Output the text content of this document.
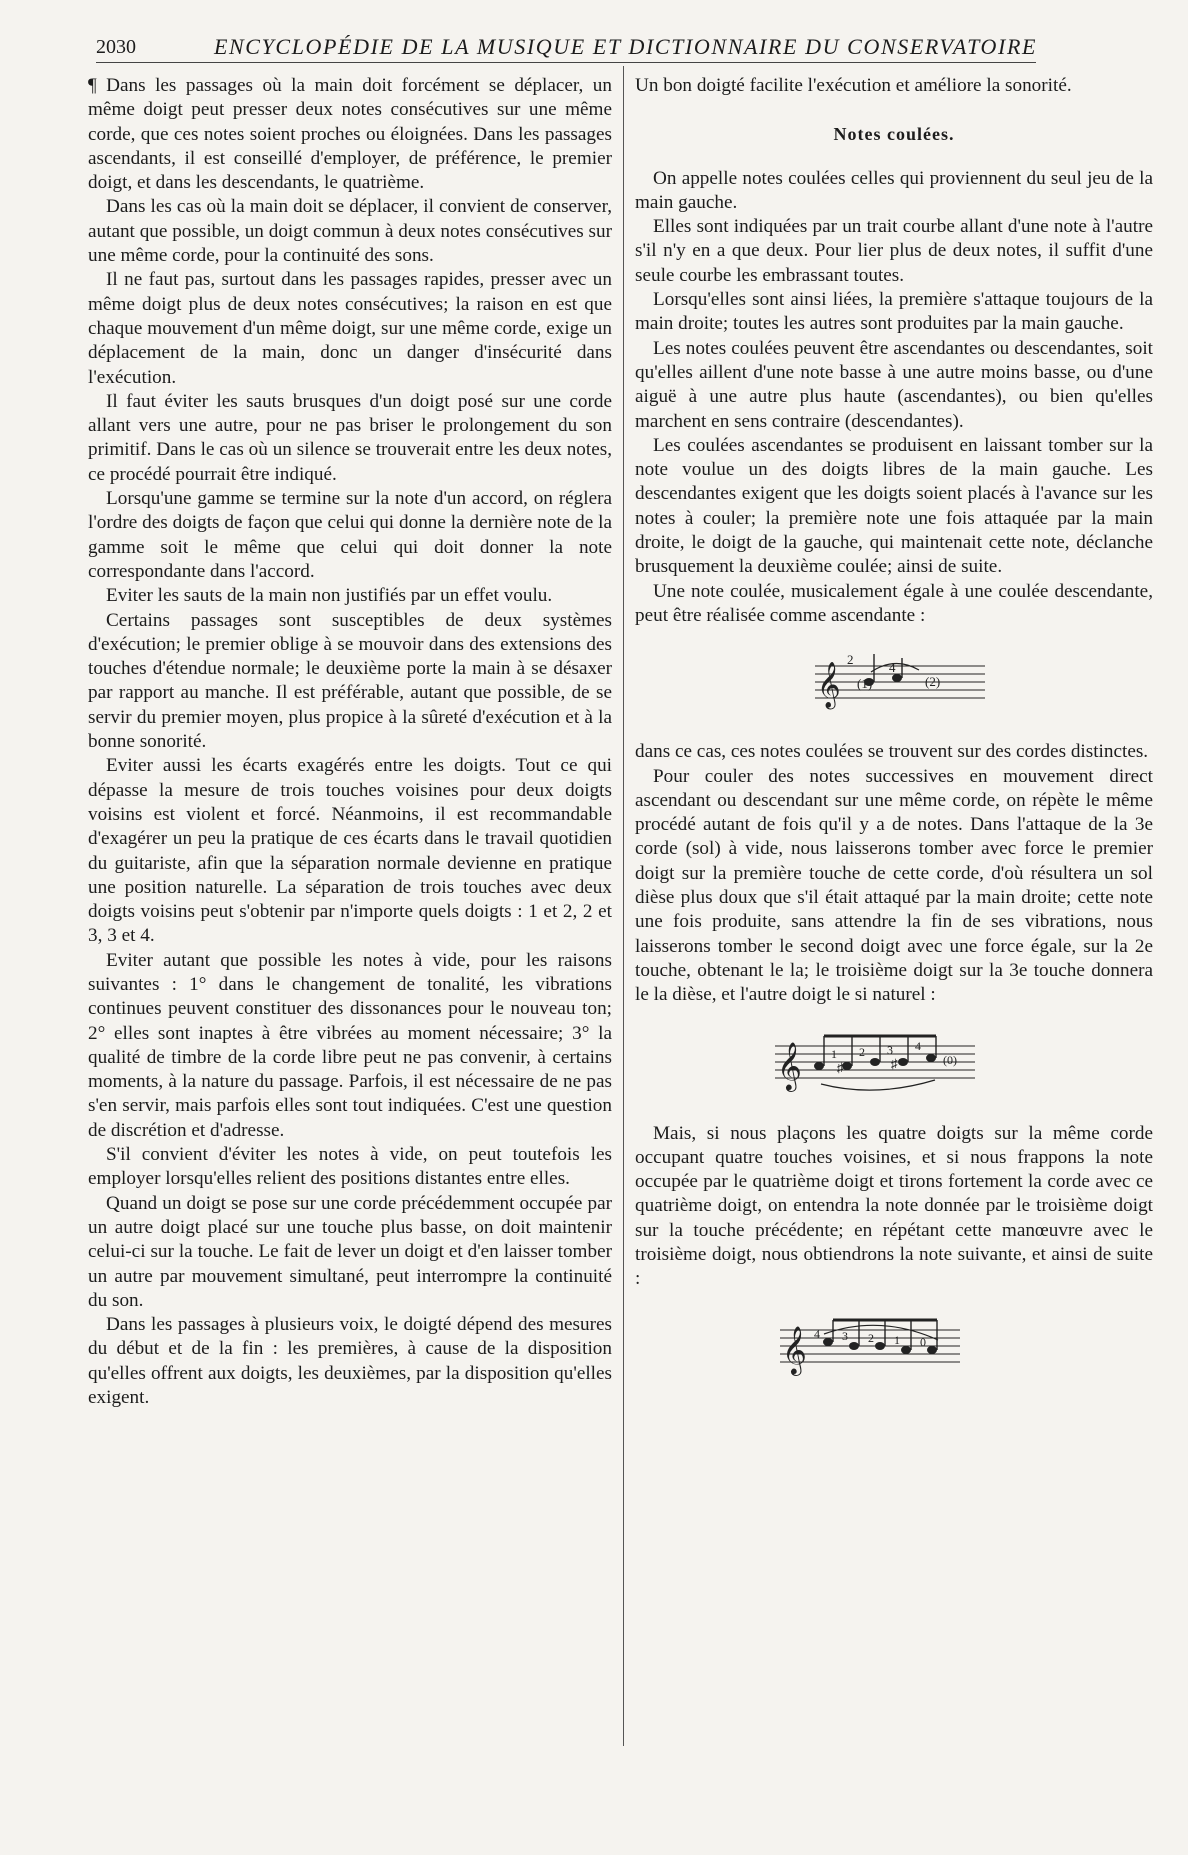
2030	ENCYCLOPÉDIE DE LA MUSIQUE ET DICTIONNAIRE DU CONSERVATOIRE

¶ Dans les passages où la main doit forcément se déplacer, un même doigt peut presser deux notes consécutives sur une même corde, que ces notes soient proches ou éloignées. Dans les passages ascendants, il est conseillé d'employer, de préférence, le premier doigt, et dans les descendants, le quatrième.

Dans les cas où la main doit se déplacer, il convient de conserver, autant que possible, un doigt commun à deux notes consécutives sur une même corde, pour la continuité des sons.

Il ne faut pas, surtout dans les passages rapides, presser avec un même doigt plus de deux notes consécutives; la raison en est que chaque mouvement d'un même doigt, sur une même corde, exige un déplacement de la main, donc un danger d'insécurité dans l'exécution.

Il faut éviter les sauts brusques d'un doigt posé sur une corde allant vers une autre, pour ne pas briser le prolongement du son primitif. Dans le cas où un silence se trouverait entre les deux notes, ce procédé pourrait être indiqué.

Lorsqu'une gamme se termine sur la note d'un accord, on réglera l'ordre des doigts de façon que celui qui donne la dernière note de la gamme soit le même que celui qui doit donner la note correspondante dans l'accord.

Eviter les sauts de la main non justifiés par un effet voulu.

Certains passages sont susceptibles de deux systèmes d'exécution; le premier oblige à se mouvoir dans des extensions des touches d'étendue normale; le deuxième porte la main à se désaxer par rapport au manche. Il est préférable, autant que possible, de se servir du premier moyen, plus propice à la sûreté d'exécution et à la bonne sonorité.

Eviter aussi les écarts exagérés entre les doigts. Tout ce qui dépasse la mesure de trois touches voisines pour deux doigts voisins est violent et forcé. Néanmoins, il est recommandable d'exagérer un peu la pratique de ces écarts dans le travail quotidien du guitariste, afin que la séparation normale devienne en pratique une position naturelle. La séparation de trois touches avec deux doigts voisins peut s'obtenir par n'importe quels doigts : 1 et 2, 2 et 3, 3 et 4.

Eviter autant que possible les notes à vide, pour les raisons suivantes : 1° dans le changement de tonalité, les vibrations continues peuvent constituer des dissonances pour le nouveau ton; 2° elles sont inaptes à être vibrées au moment nécessaire; 3° la qualité de timbre de la corde libre peut ne pas convenir, à certains moments, à la nature du passage. Parfois, il est nécessaire de ne pas s'en servir, mais parfois elles sont tout indiquées. C'est une question de discrétion et d'adresse.

S'il convient d'éviter les notes à vide, on peut toutefois les employer lorsqu'elles relient des positions distantes entre elles.

Quand un doigt se pose sur une corde précédemment occupée par un autre doigt placé sur une touche plus basse, on doit maintenir celui-ci sur la touche. Le fait de lever un doigt et d'en laisser tomber un autre par mouvement simultané, peut interrompre la continuité du son.

Dans les passages à plusieurs voix, le doigté dépend des mesures du début et de la fin : les premières, à cause de la disposition qu'elles offrent aux doigts, les deuxièmes, par la disposition qu'elles exigent.

Un bon doigté facilite l'exécution et améliore la sonorité.

Notes coulées.

On appelle notes coulées celles qui proviennent du seul jeu de la main gauche.

Elles sont indiquées par un trait courbe allant d'une note à l'autre s'il n'y en a que deux. Pour lier plus de deux notes, il suffit d'une seule courbe les embrassant toutes.

Lorsqu'elles sont ainsi liées, la première s'attaque toujours de la main droite; toutes les autres sont produites par la main gauche.

Les notes coulées peuvent être ascendantes ou descendantes, soit qu'elles aillent d'une note basse à une autre moins basse, ou d'une aiguë à une autre plus haute (ascendantes), ou bien qu'elles marchent en sens contraire (descendantes).

Les coulées ascendantes se produisent en laissant tomber sur la note voulue un des doigts libres de la main gauche. Les descendantes exigent que les doigts soient placés à l'avance sur les notes à couler; la première note une fois attaquée par la main droite, le doigt de la gauche, qui maintenait cette note, déclanche brusquement la deuxième coulée; ainsi de suite.

Une note coulée, musicalement égale à une coulée descendante, peut être réalisée comme ascendante :

𝄞
2
(1)
4
(2)

dans ce cas, ces notes coulées se trouvent sur des cordes distinctes.

Pour couler des notes successives en mouvement direct ascendant ou descendant sur une même corde, on répète le même procédé autant de fois qu'il y a de notes. Dans l'attaque de la 3e corde (sol) à vide, nous laisserons tomber avec force le premier doigt sur la première touche de cette corde, d'où résultera un sol dièse plus doux que s'il était attaqué par la main droite; cette note une fois produite, sans attendre la fin de ses vibrations, nous laisserons tomber le second doigt avec une force égale, sur la 2e touche, obtenant le la; le troisième doigt sur la 3e touche donnera le la dièse, et l'autre doigt le si naturel :

𝄞	♯	♯
1 2 3 4
(0)

Mais, si nous plaçons les quatre doigts sur la même corde occupant quatre touches voisines, et si nous frappons la note occupée par le quatrième doigt et tirons fortement la corde avec ce quatrième doigt, on entendra la note donnée par le troisième doigt sur la touche précédente; en répétant cette manœuvre avec le troisième doigt, nous obtiendrons la note suivante, et ainsi de suite :

𝄞 4 3 2 1 0
